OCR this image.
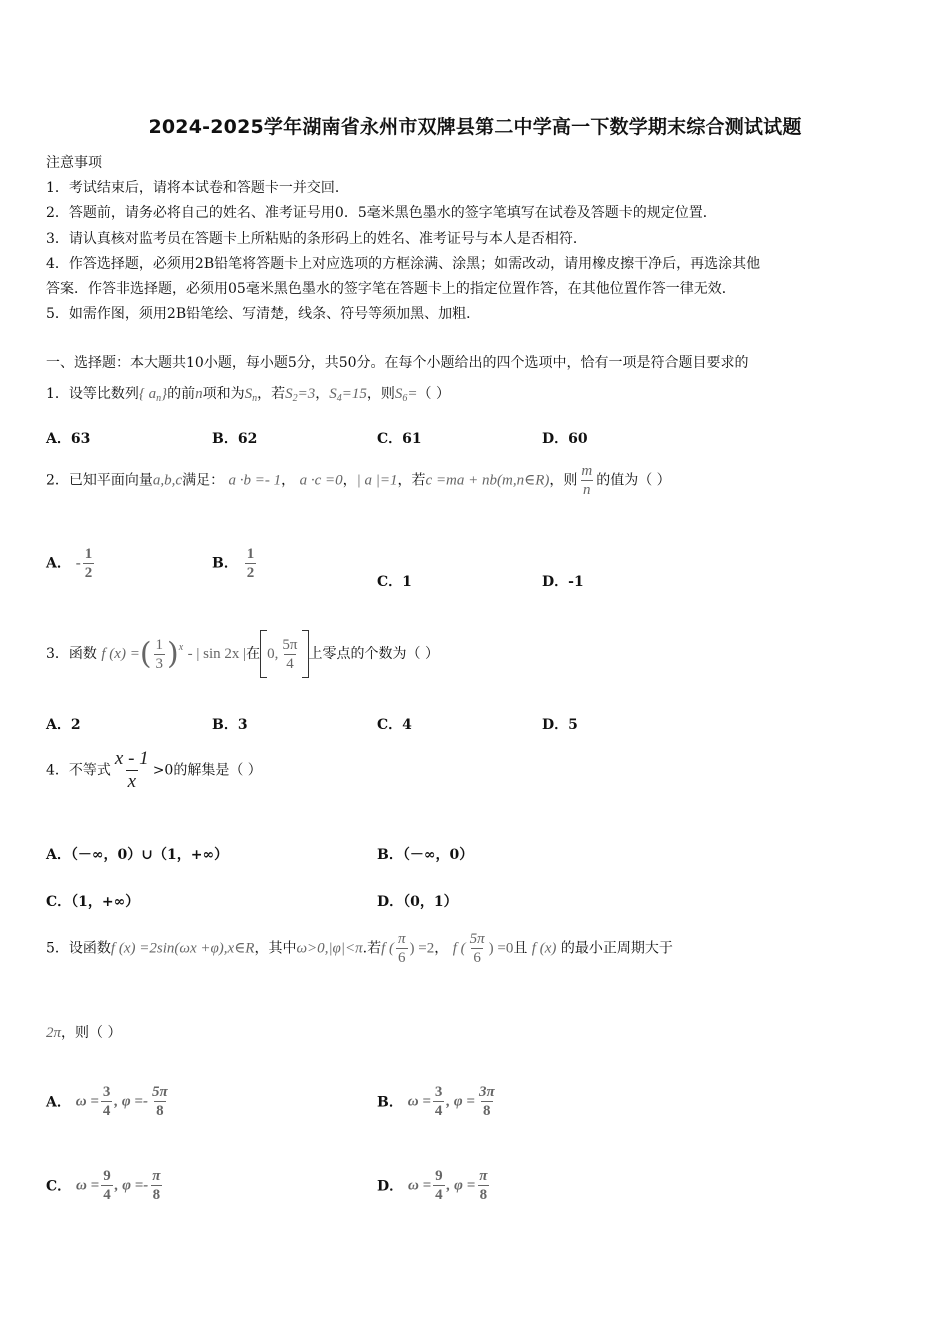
2024-2025学年湖南省永州市双牌县第二中学高一下数学期末综合测试试题
注意事项
1．考试结束后，请将本试卷和答题卡一并交回．
2．答题前，请务必将自己的姓名、准考证号用0．5毫米黑色墨水的签字笔填写在试卷及答题卡的规定位置．
3．请认真核对监考员在答题卡上所粘贴的条形码上的姓名、准考证号与本人是否相符．
4．作答选择题，必须用2B铅笔将答题卡上对应选项的方框涂满、涂黑；如需改动，请用橡皮擦干净后，再选涂其他
答案．作答非选择题，必须用05毫米黑色墨水的签字笔在答题卡上的指定位置作答，在其他位置作答一律无效．
5．如需作图，须用2B铅笔绘、写清楚，线条、符号等须加黑、加粗．
一、选择题：本大题共10小题，每小题5分，共50分。在每个小题给出的四个选项中，恰有一项是符合题目要求的
1．设等比数列{ $a_n$}的前n项和为$S_n$，若$S_2=3$，$S_4=15$，则$S_6=$（ ）
A．63	B．62	C．61	D．60
2．已知平面向量a,b,c满足： a ·b =- 1， a ·c =0，| a |=1，若c =ma + nb(m,n∈R)，则 $\frac{m}{n}$ 的值为（ ）
A． - $\frac{1}{2}$	B． $\frac{1}{2}$	C．1	D．-1
3．函数 f (x) =( $\frac{1}{3} )^x$ - | sin 2x |在 0, $\frac{5\pi}{4}$ 上零点的个数为（ ）
A．2	B．3	C．4	D．5
4．不等式 $\frac{x - 1}{x} >0$的解集是（ ）
A．（－∞，0）∪（1，+∞）	B．（－∞，0）
C．（1，+∞）	D．（0，1）
5．设函数f (x) =2sin(ωx +φ),x∈R，其中ω>0,|φ|<π.若f ( $\frac{\pi}{6}$ ) =2， f ( $\frac{5\pi}{6}$ ) =0且 f (x) 的最小正周期大于
2π，则（ ）
A． $\omega = \frac{3}{4}$ , $\varphi =- \frac{5\pi}{8}$	B． $\omega = \frac{3}{4}$ , $\varphi = \frac{3\pi}{8}$
C． $\omega = \frac{9}{4}$ , $\varphi =- \frac{\pi}{8}$	D． $\omega = \frac{9}{4}$ , $\varphi = \frac{\pi}{8}$
